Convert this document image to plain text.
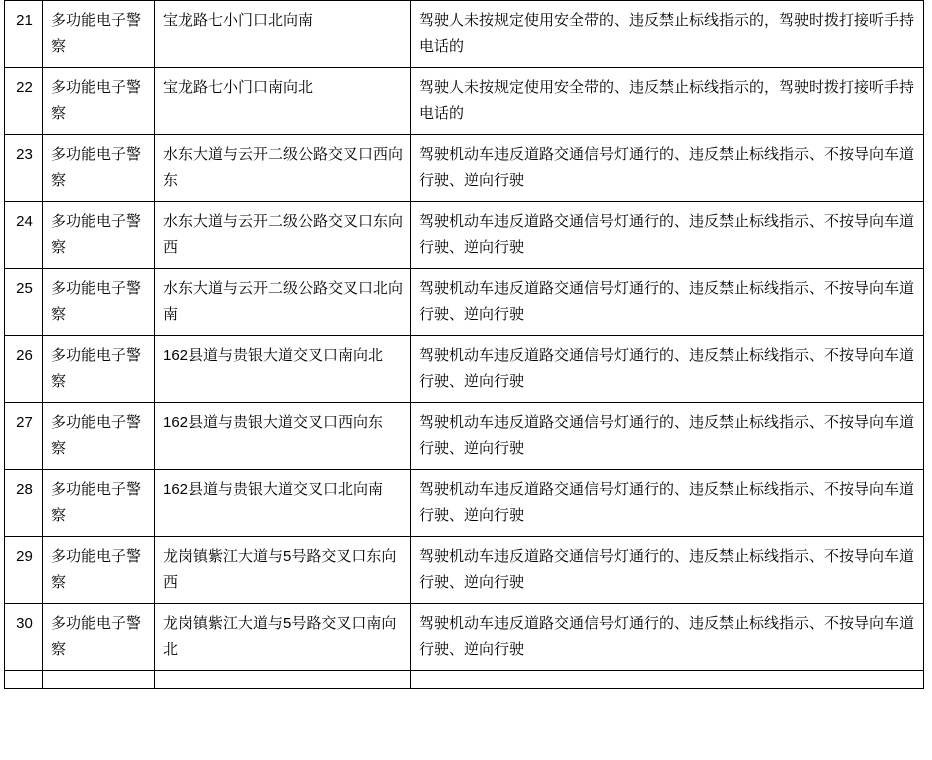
21	多功能电子警察	宝龙路七小门口北向南	驾驶人未按规定使用安全带的、违反禁止标线指示的，驾驶时拨打接听手持电话的
22	多功能电子警察	宝龙路七小门口南向北	驾驶人未按规定使用安全带的、违反禁止标线指示的，驾驶时拨打接听手持电话的
23	多功能电子警察	水东大道与云开二级公路交叉口西向东	驾驶机动车违反道路交通信号灯通行的、违反禁止标线指示、不按导向车道行驶、逆向行驶
24	多功能电子警察	水东大道与云开二级公路交叉口东向西	驾驶机动车违反道路交通信号灯通行的、违反禁止标线指示、不按导向车道行驶、逆向行驶
25	多功能电子警察	水东大道与云开二级公路交叉口北向南	驾驶机动车违反道路交通信号灯通行的、违反禁止标线指示、不按导向车道行驶、逆向行驶
26	多功能电子警察	162县道与贵银大道交叉口南向北	驾驶机动车违反道路交通信号灯通行的、违反禁止标线指示、不按导向车道行驶、逆向行驶
27	多功能电子警察	162县道与贵银大道交叉口西向东	驾驶机动车违反道路交通信号灯通行的、违反禁止标线指示、不按导向车道行驶、逆向行驶
28	多功能电子警察	162县道与贵银大道交叉口北向南	驾驶机动车违反道路交通信号灯通行的、违反禁止标线指示、不按导向车道行驶、逆向行驶
29	多功能电子警察	龙岗镇紫江大道与5号路交叉口东向西	驾驶机动车违反道路交通信号灯通行的、违反禁止标线指示、不按导向车道行驶、逆向行驶
30	多功能电子警察	龙岗镇紫江大道与5号路交叉口南向北	驾驶机动车违反道路交通信号灯通行的、违反禁止标线指示、不按导向车道行驶、逆向行驶
